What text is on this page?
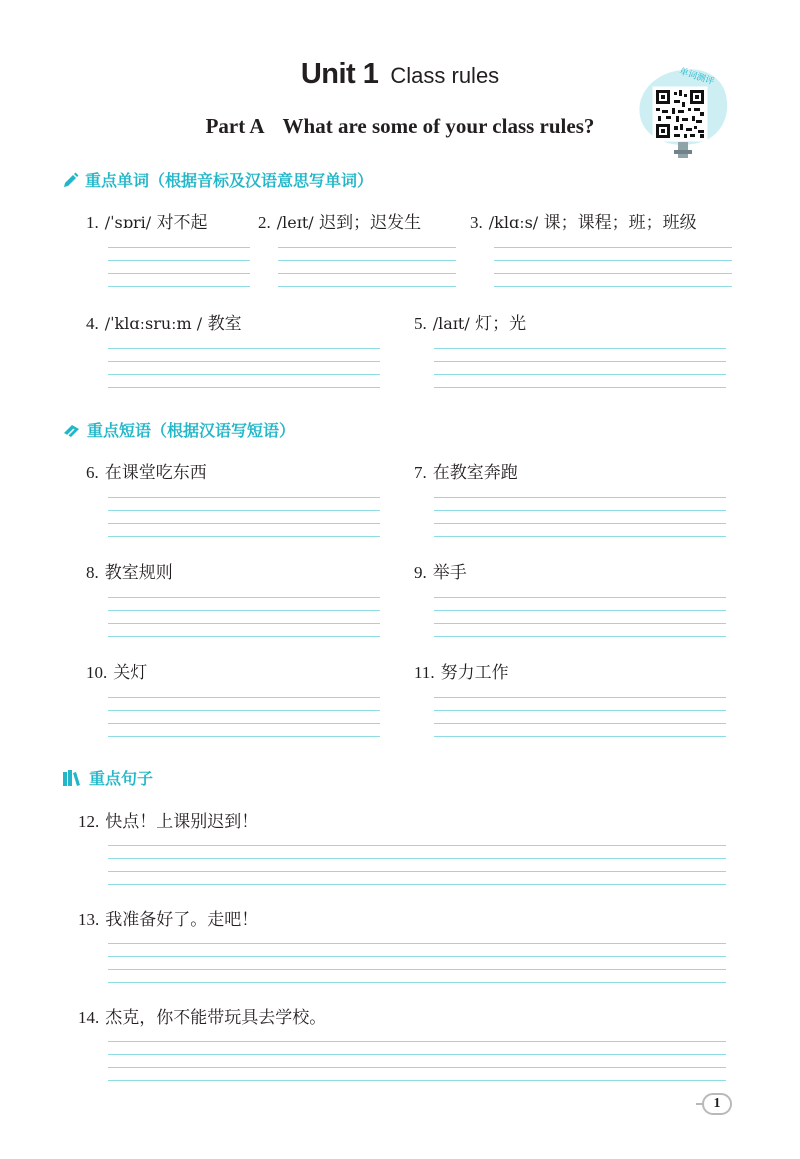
Unit 1 Class rules
Part A What are some of your class rules?
单词测评
重点单词（根据音标及汉语意思写单词）
1. /ˈsɒri/ 对不起	2. /leɪt/ 迟到；迟发生	3. /klɑːs/ 课；课程；班；班级
4. /ˈklɑːsruːm / 教室	5. /laɪt/ 灯；光
重点短语（根据汉语写短语）
6. 在课堂吃东西	7. 在教室奔跑
8. 教室规则	9. 举手
10. 关灯	11. 努力工作
重点句子
12. 快点！上课别迟到！
13. 我准备好了。走吧！
14. 杰克，你不能带玩具去学校。
1
